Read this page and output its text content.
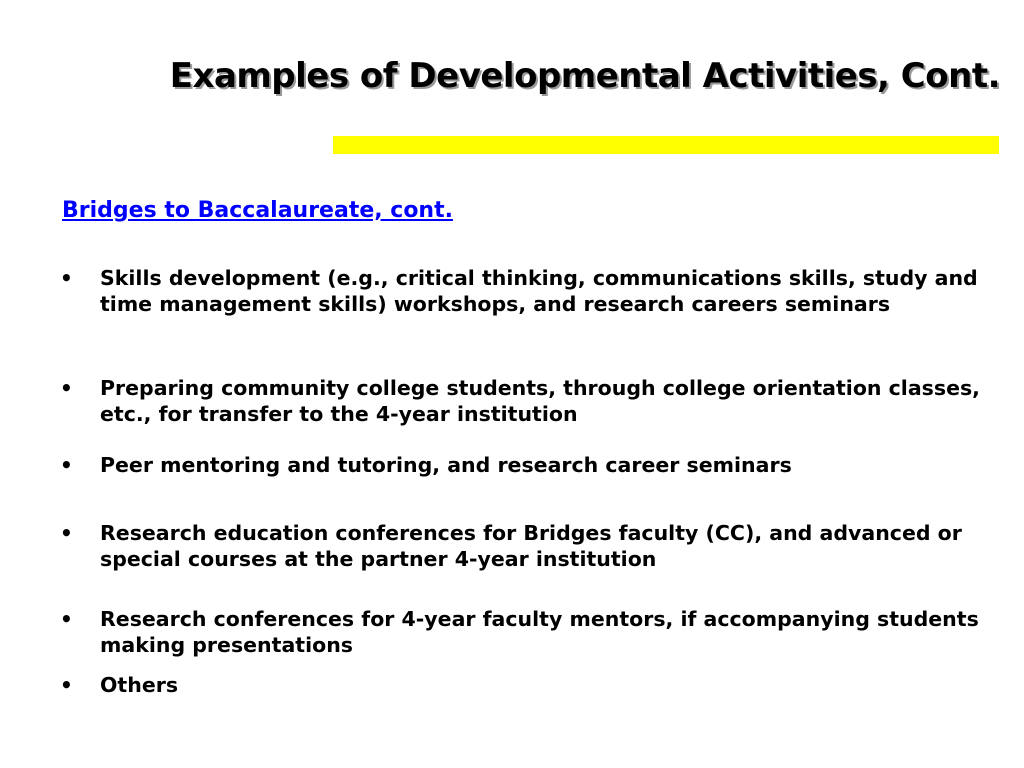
Examples of Developmental Activities, Cont.
Bridges to Baccalaureate, cont.
•	Skills development (e.g., critical thinking, communications skills, study and time management skills) workshops, and research careers seminars
•	Preparing community college students, through college orientation classes, etc., for transfer to the 4-year institution
•	Peer mentoring and tutoring, and research career seminars
•	Research education conferences for Bridges faculty (CC), and advanced or special courses at the partner 4-year institution
•	Research conferences for 4-year faculty mentors, if accompanying students making presentations
•	Others
